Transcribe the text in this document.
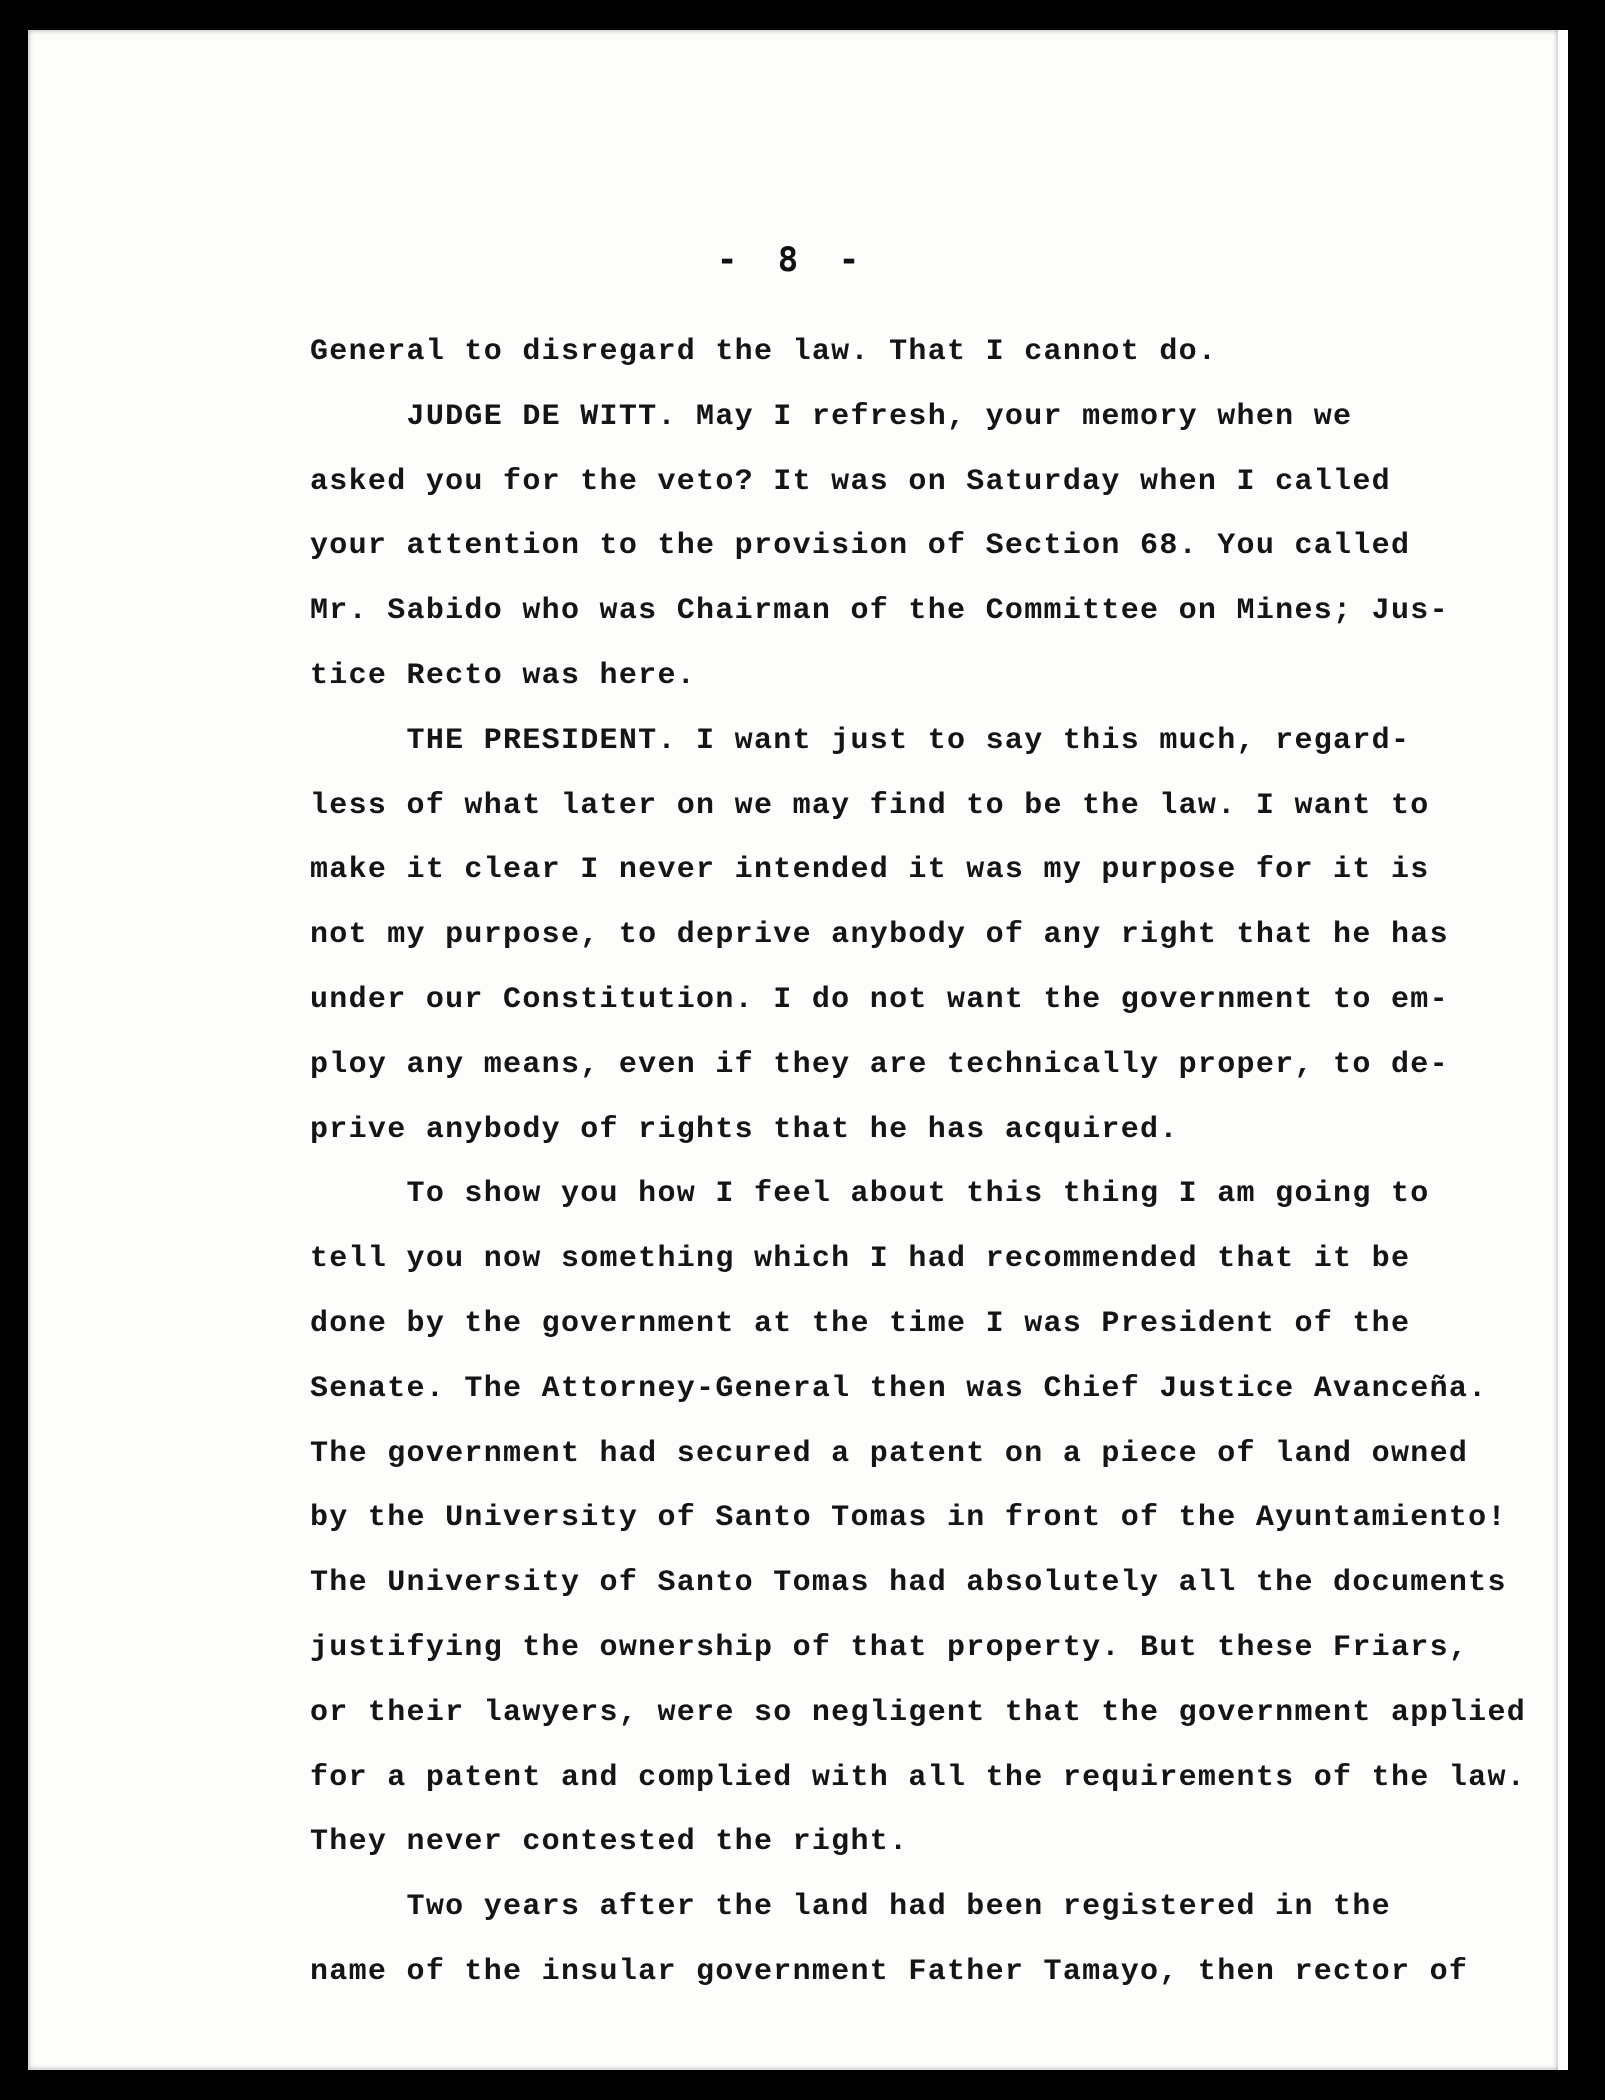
- 8 -
General to disregard the law. That I cannot do.
JUDGE DE WITT. May I refresh, your memory when we
asked you for the veto? It was on Saturday when I called
your attention to the provision of Section 68. You called
Mr. Sabido who was Chairman of the Committee on Mines; Jus-
tice Recto was here.
THE PRESIDENT. I want just to say this much, regard-
less of what later on we may find to be the law. I want to
make it clear I never intended it was my purpose for it is
not my purpose, to deprive anybody of any right that he has
under our Constitution. I do not want the government to em-
ploy any means, even if they are technically proper, to de-
prive anybody of rights that he has acquired.
To show you how I feel about this thing I am going to
tell you now something which I had recommended that it be
done by the government at the time I was President of the
Senate. The Attorney-General then was Chief Justice Avanceña.
The government had secured a patent on a piece of land owned
by the University of Santo Tomas in front of the Ayuntamiento!
The University of Santo Tomas had absolutely all the documents
justifying the ownership of that property. But these Friars,
or their lawyers, were so negligent that the government applied
for a patent and complied with all the requirements of the law.
They never contested the right.
Two years after the land had been registered in the
name of the insular government Father Tamayo, then rector of
